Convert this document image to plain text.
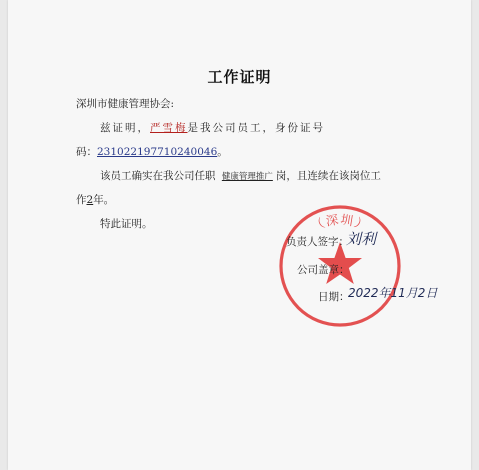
工作证明
深圳市健康管理协会:
兹证明，严雪梅是我公司员工，身份证号
码：231022197710240046。
该员工确实在我公司任职 健康管理推广 岗，且连续在该岗位工
作2年。
特此证明。	（深圳）
负责人签字：
刘利
公司盖章：
日期：
2022年11月2日
